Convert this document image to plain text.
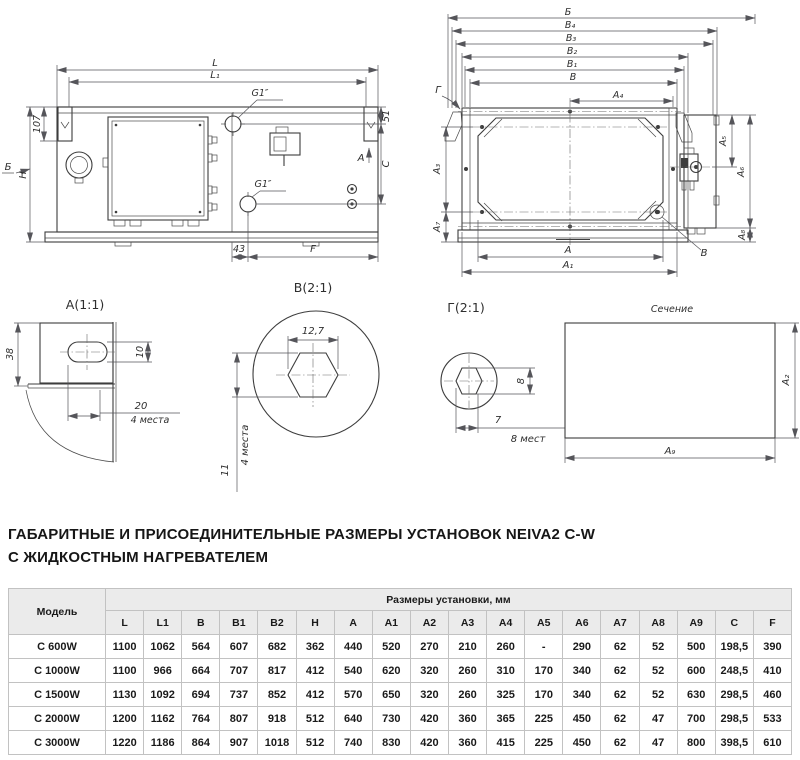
L
L₁
G1″
G1″
107
H
Б
51
C
А
43	F
Б
B₄
B₃
B₂
B₁
B
А₄
Г
А₃
А₇
А₅
А₆
А₈
А
А₁
В
А(1:1)
38	10
20
4 места
В(2:1)
12,7
11
4 места
Г(2:1)
8
7
8 мест
Сечение
А₂
А₉
ГАБАРИТНЫЕ И ПРИСОЕДИНИТЕЛЬНЫЕ РАЗМЕРЫ УСТАНОВОК NEIVA2 C-W
С ЖИДКОСТНЫМ НАГРЕВАТЕЛЕМ
Модель	Размеры установки, мм																	
	L	L1	B	B1	B2	H	A	A1	A2	A3	A4	A5	A6	A7	A8	A9	C	F
С 600W	1100	1062	564	607	682	362	440	520	270	210	260	-	290	62	52	500	198,5	390
С 1000W	1100	966	664	707	817	412	540	620	320	260	310	170	340	62	52	600	248,5	410
С 1500W	1130	1092	694	737	852	412	570	650	320	260	325	170	340	62	52	630	298,5	460
С 2000W	1200	1162	764	807	918	512	640	730	420	360	365	225	450	62	47	700	298,5	533
С 3000W	1220	1186	864	907	1018	512	740	830	420	360	415	225	450	62	47	800	398,5	610
